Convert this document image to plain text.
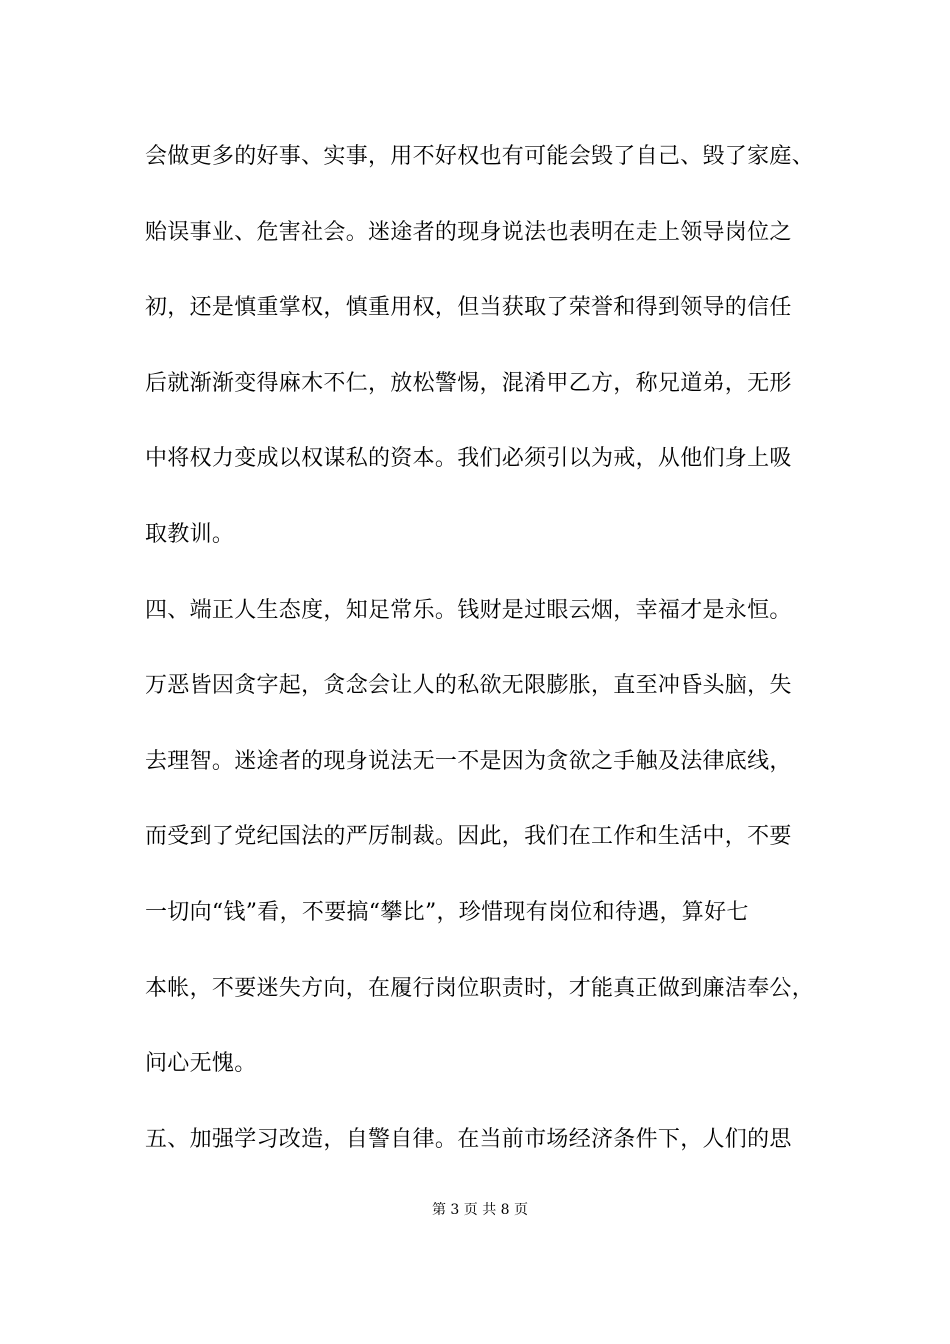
会做更多的好事、实事，用不好权也有可能会毁了自己、毁了家庭、
贻误事业、危害社会。迷途者的现身说法也表明在走上领导岗位之
初，还是慎重掌权，慎重用权，但当获取了荣誉和得到领导的信任
后就渐渐变得麻木不仁，放松警惕，混淆甲乙方，称兄道弟，无形
中将权力变成以权谋私的资本。我们必须引以为戒，从他们身上吸
取教训。
四、端正人生态度，知足常乐。钱财是过眼云烟，幸福才是永恒。
万恶皆因贪字起，贪念会让人的私欲无限膨胀，直至冲昏头脑，失
去理智。迷途者的现身说法无一不是因为贪欲之手触及法律底线，
而受到了党纪国法的严厉制裁。因此，我们在工作和生活中，不要
一切向“钱”看，不要搞“攀比”，珍惜现有岗位和待遇，算好七
本帐，不要迷失方向，在履行岗位职责时，才能真正做到廉洁奉公，
问心无愧。
五、加强学习改造，自警自律。在当前市场经济条件下，人们的思
第 3 页 共 8 页
